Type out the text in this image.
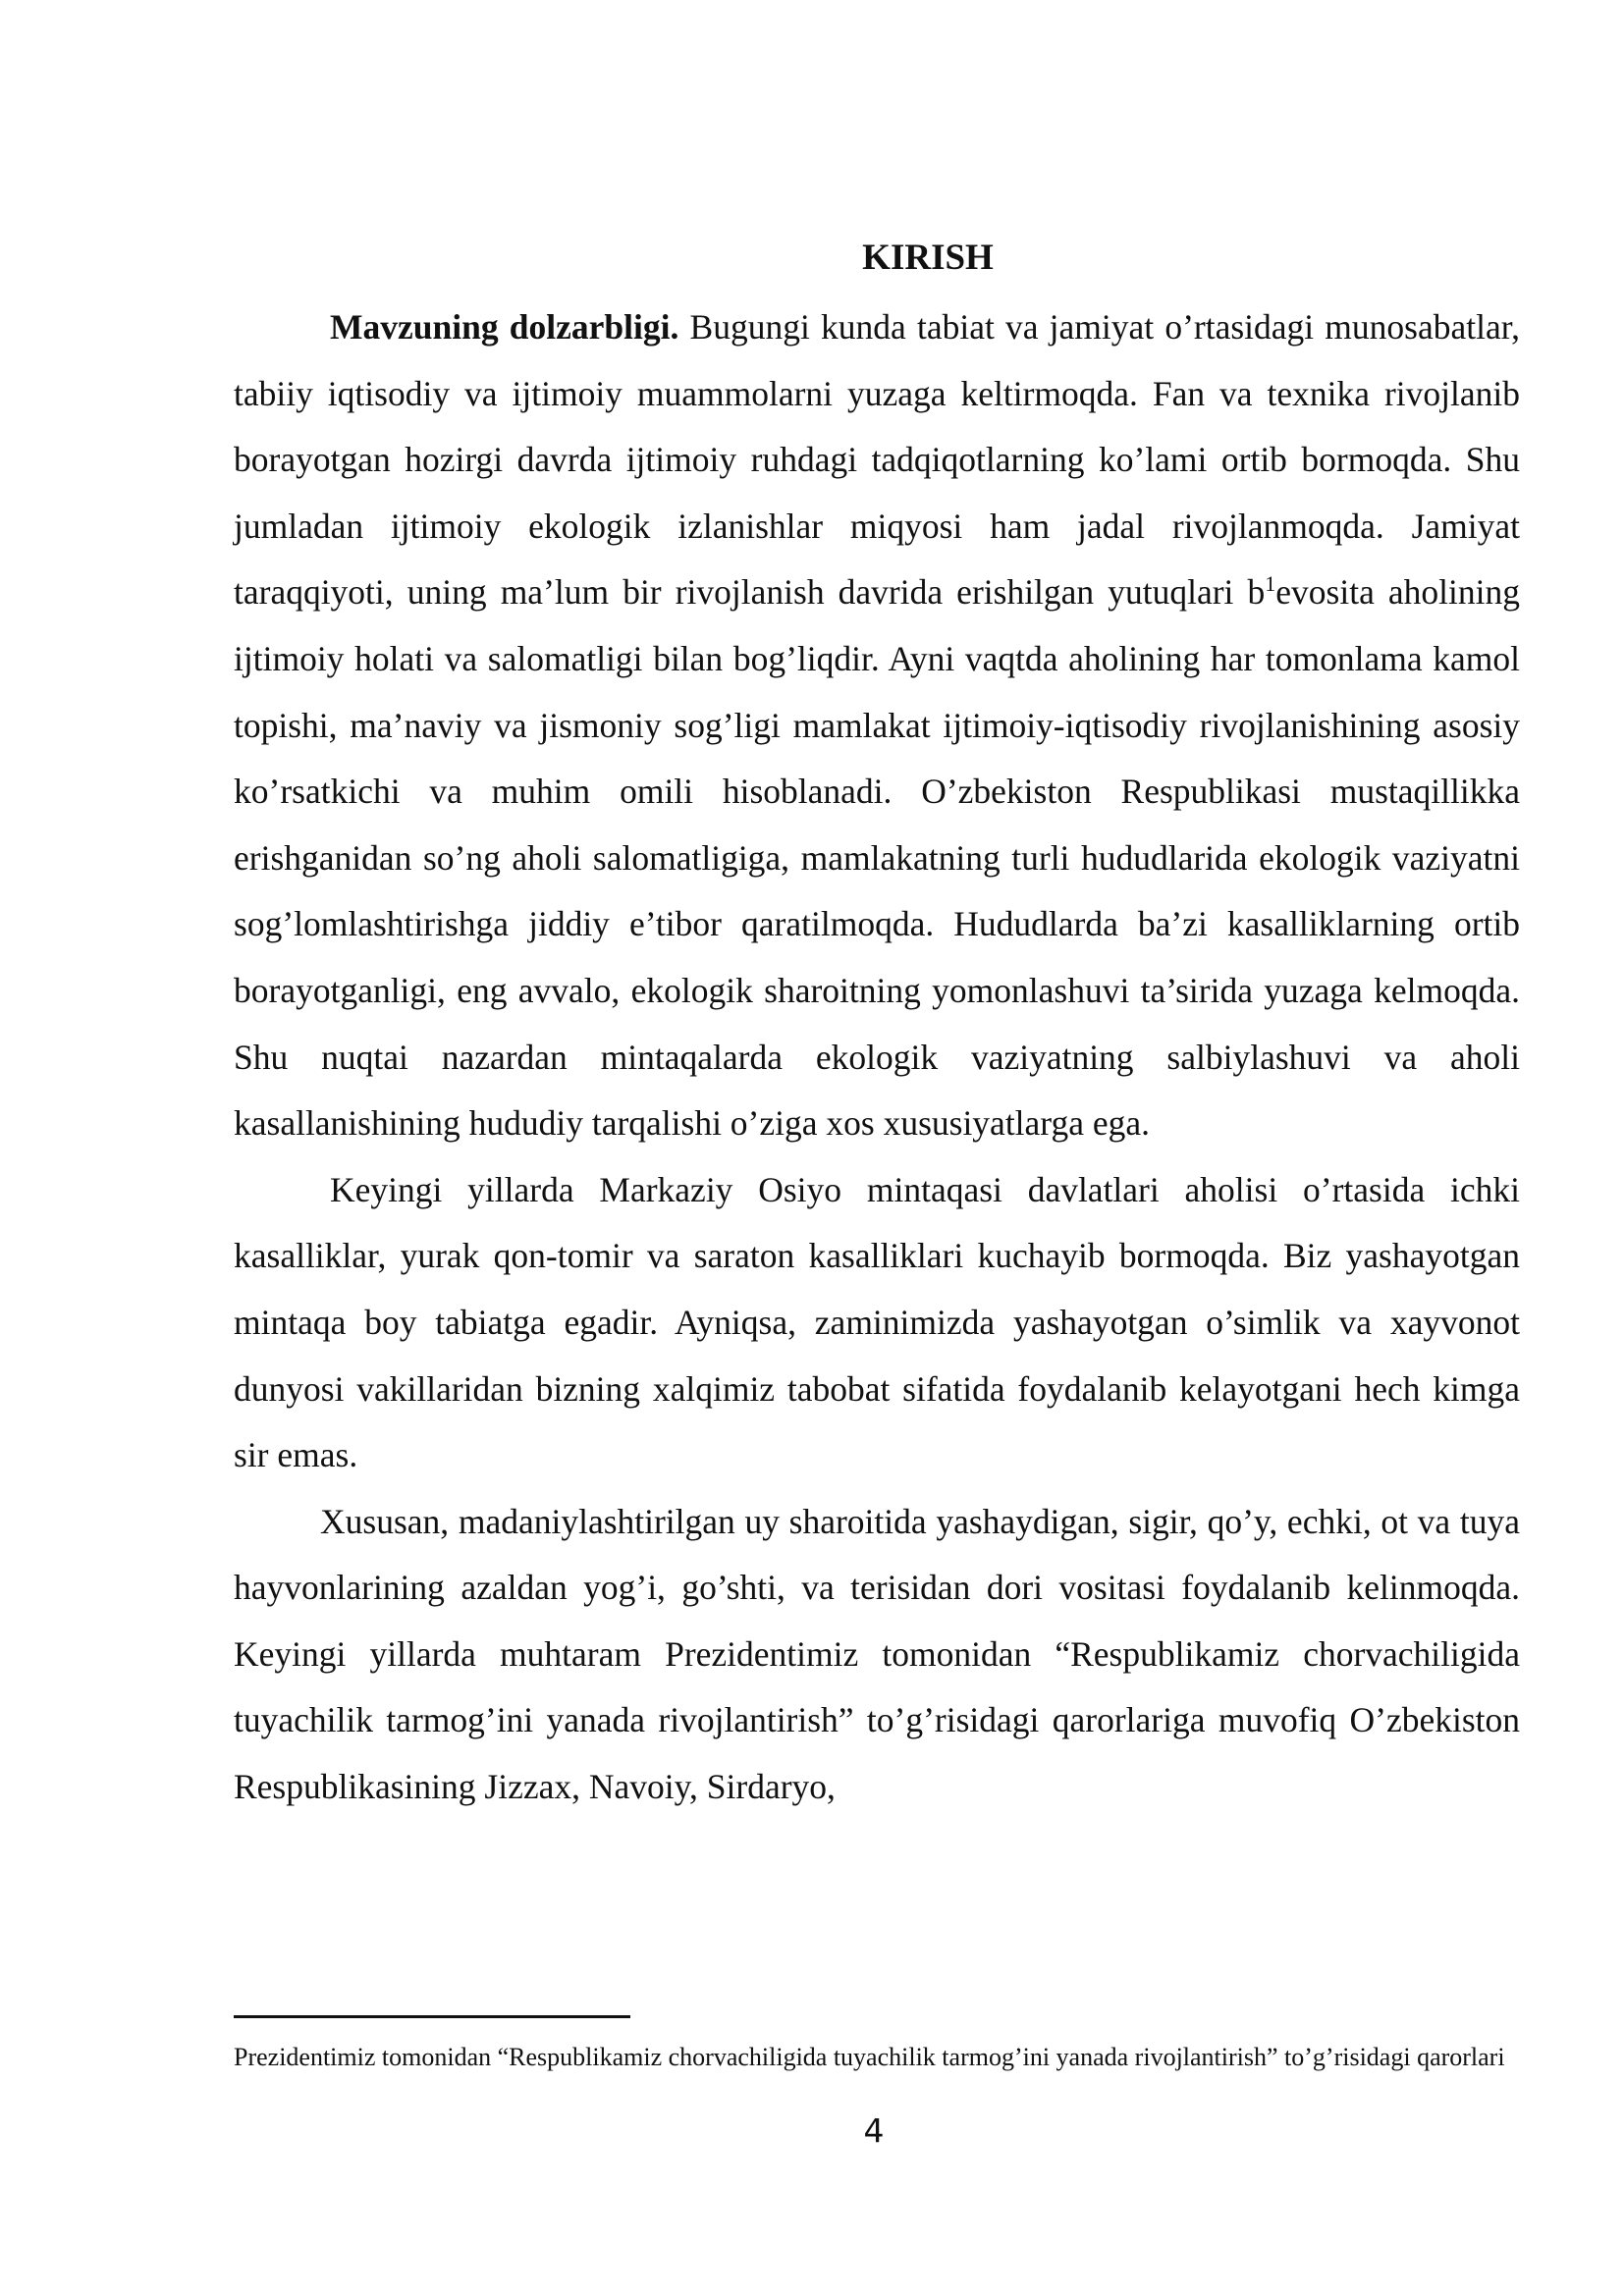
KIRISH

Mavzuning dolzarbligi. Bugungi kunda tabiat va jamiyat o’rtasidagi munosabatlar, tabiiy iqtisodiy va ijtimoiy muammolarni yuzaga keltirmoqda. Fan va texnika rivojlanib borayotgan hozirgi davrda ijtimoiy ruhdagi tadqiqotlarning ko’lami ortib bormoqda. Shu jumladan ijtimoiy ekologik izlanishlar miqyosi ham jadal rivojlanmoqda. Jamiyat taraqqiyoti, uning ma’lum bir rivojlanish davrida erishilgan yutuqlari b$^1$evosita aholining ijtimoiy holati va salomatligi bilan bog’liqdir. Ayni vaqtda aholining har tomonlama kamol topishi, ma’naviy va jismoniy sog’ligi mamlakat ijtimoiy-iqtisodiy rivojlanishining asosiy ko’rsatkichi va muhim omili hisoblanadi. O’zbekiston Respublikasi mustaqillikka erishganidan so’ng aholi salomatligiga, mamlakatning turli hududlarida ekologik vaziyatni sog’lomlashtirishga jiddiy e’tibor qaratilmoqda. Hududlarda ba’zi kasalliklarning ortib borayotganligi, eng avvalo, ekologik sharoitning yomonlashuvi ta’sirida yuzaga kelmoqda. Shu nuqtai nazardan mintaqalarda ekologik vaziyatning salbiylashuvi va aholi kasallanishining hududiy tarqalishi o’ziga xos xususiyatlarga ega.

Keyingi yillarda Markaziy Osiyo mintaqasi davlatlari aholisi o’rtasida ichki kasalliklar, yurak qon-tomir va saraton kasalliklari kuchayib bormoqda. Biz yashayotgan mintaqa boy tabiatga egadir. Ayniqsa, zaminimizda yashayotgan o’simlik va xayvonot dunyosi vakillaridan bizning xalqimiz tabobat sifatida foydalanib kelayotgani hech kimga sir emas.

Xususan, madaniylashtirilgan uy sharoitida yashaydigan, sigir, qo’y, echki, ot va tuya hayvonlarining azaldan yog’i, go’shti, va terisidan dori vositasi foydalanib kelinmoqda. Keyingi yillarda muhtaram Prezidentimiz tomonidan “Respublikamiz chorvachiligida tuyachilik tarmog’ini yanada rivojlantirish” to’g’risidagi qarorlariga muvofiq O’zbekiston Respublikasining Jizzax, Navoiy, Sirdaryo,

Prezidentimiz tomonidan “Respublikamiz chorvachiligida tuyachilik tarmog’ini yanada rivojlantirish” to’g’risidagi qarorlari
4
